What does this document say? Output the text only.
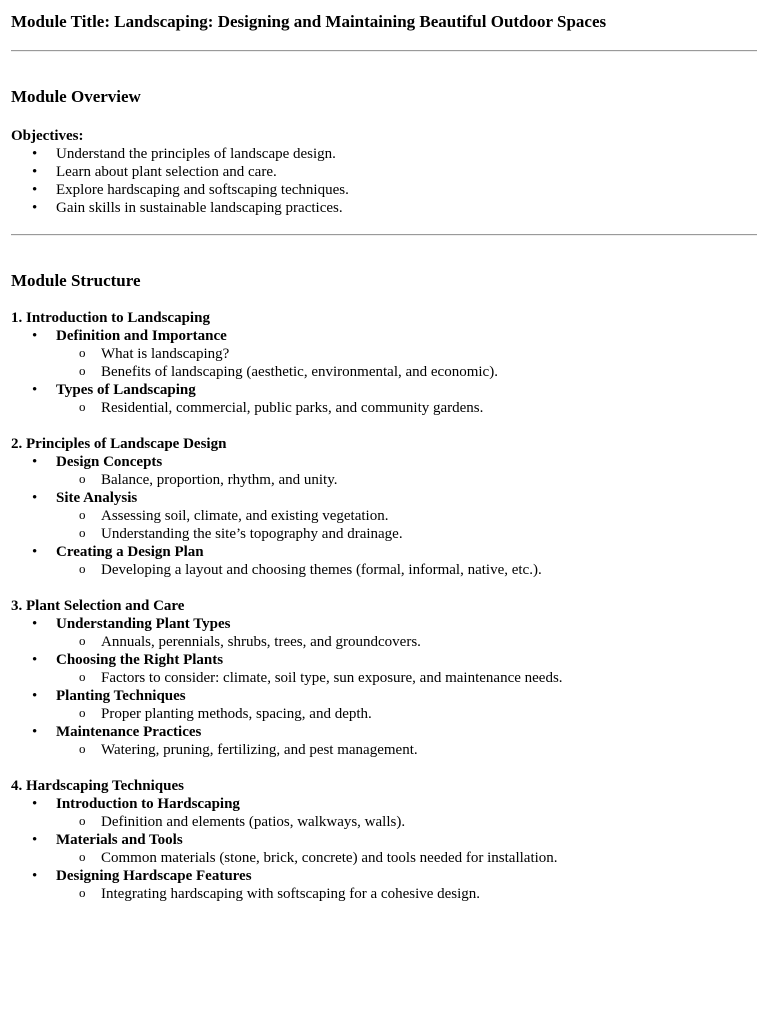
Module Title: Landscaping: Designing and Maintaining Beautiful Outdoor Spaces
Module Overview
Objectives:
• Understand the principles of landscape design.
• Learn about plant selection and care.
• Explore hardscaping and softscaping techniques.
• Gain skills in sustainable landscaping practices.
Module Structure
1. Introduction to Landscaping
• Definition and Importance
o What is landscaping?
o Benefits of landscaping (aesthetic, environmental, and economic).
• Types of Landscaping
o Residential, commercial, public parks, and community gardens.
2. Principles of Landscape Design
• Design Concepts
o Balance, proportion, rhythm, and unity.
• Site Analysis
o Assessing soil, climate, and existing vegetation.
o Understanding the site’s topography and drainage.
• Creating a Design Plan
o Developing a layout and choosing themes (formal, informal, native, etc.).
3. Plant Selection and Care
• Understanding Plant Types
o Annuals, perennials, shrubs, trees, and groundcovers.
• Choosing the Right Plants
o Factors to consider: climate, soil type, sun exposure, and maintenance needs.
• Planting Techniques
o Proper planting methods, spacing, and depth.
• Maintenance Practices
o Watering, pruning, fertilizing, and pest management.
4. Hardscaping Techniques
• Introduction to Hardscaping
o Definition and elements (patios, walkways, walls).
• Materials and Tools
o Common materials (stone, brick, concrete) and tools needed for installation.
• Designing Hardscape Features
o Integrating hardscaping with softscaping for a cohesive design.
